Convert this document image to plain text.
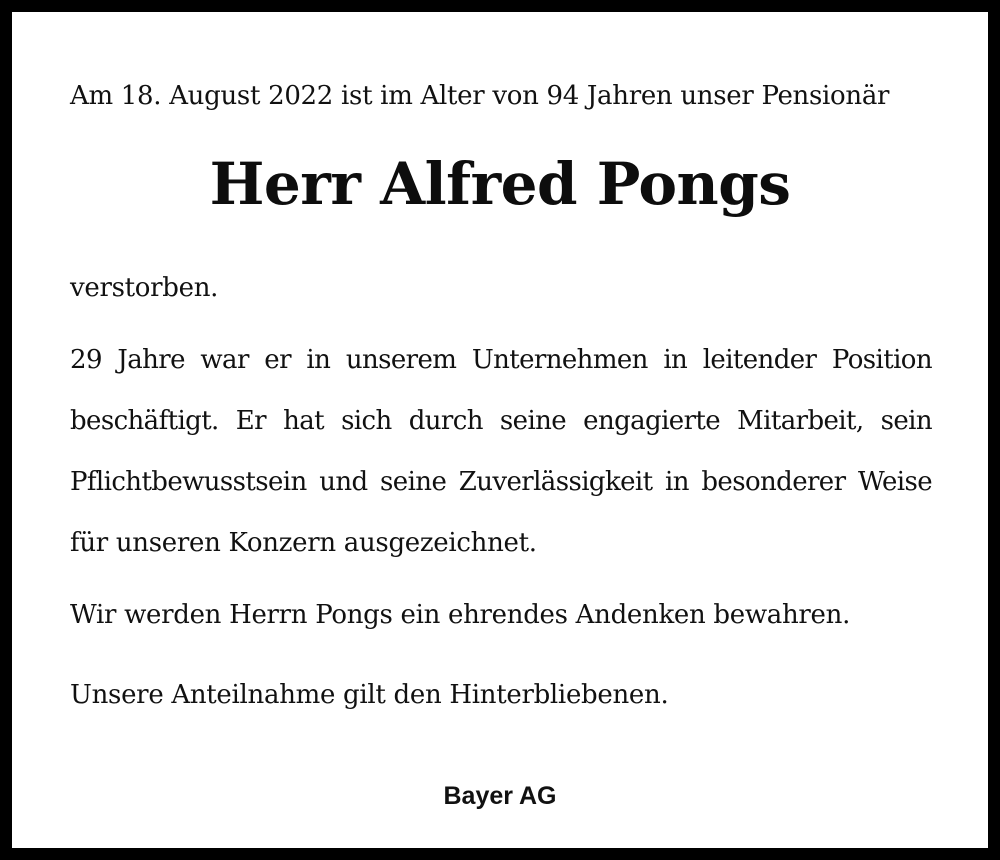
Am 18. August 2022 ist im Alter von 94 Jahren unser Pensionär

Herr Alfred Pongs

verstorben.

29 Jahre war er in unserem Unternehmen in leitender Position

beschäftigt. Er hat sich durch seine engagierte Mitarbeit, sein

Pflichtbewusstsein und seine Zuverlässigkeit in besonderer Weise

für unseren Konzern ausgezeichnet.

Wir werden Herrn Pongs ein ehrendes Andenken bewahren.

Unsere Anteilnahme gilt den Hinterbliebenen.

Bayer AG
